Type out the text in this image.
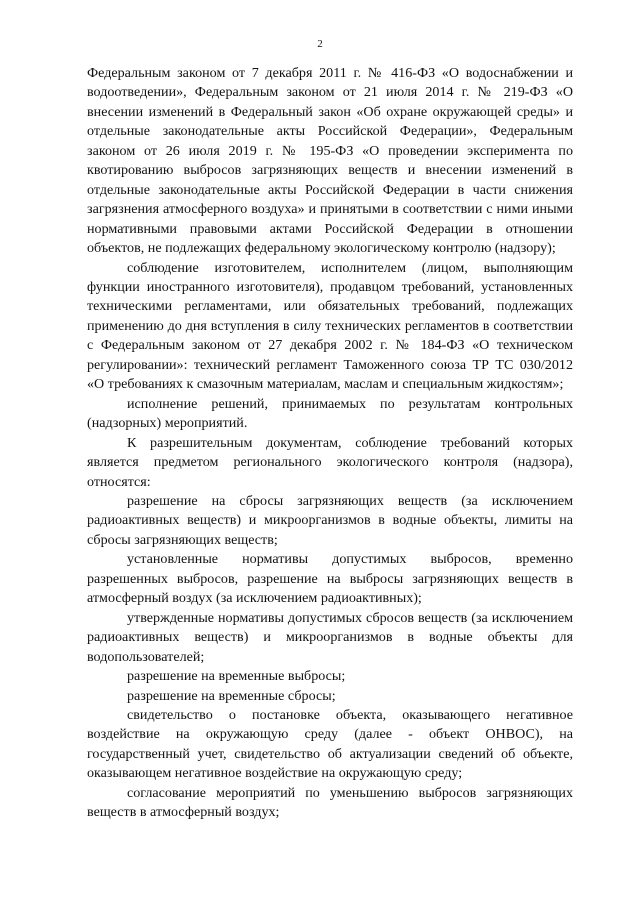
2

Федеральным законом от 7 декабря 2011 г. № 416-ФЗ «О водоснабжении и водоотведении», Федеральным законом от 21 июля 2014 г. № 219-ФЗ «О внесении изменений в Федеральный закон «Об охране окружающей среды» и отдельные законодательные акты Российской Федерации», Федеральным законом от 26 июля 2019 г. № 195-ФЗ «О проведении эксперимента по квотированию выбросов загрязняющих веществ и внесении изменений в отдельные законодательные акты Российской Федерации в части снижения загрязнения атмосферного воздуха» и принятыми в соответствии с ними иными нормативными правовыми актами Российской Федерации в отношении объектов, не подлежащих федеральному экологическому контролю (надзору);

соблюдение изготовителем, исполнителем (лицом, выполняющим функции иностранного изготовителя), продавцом требований, установленных техническими регламентами, или обязательных требований, подлежащих применению до дня вступления в силу технических регламентов в соответствии с Федеральным законом от 27 декабря 2002 г. № 184-ФЗ «О техническом регулировании»: технический регламент Таможенного союза ТР ТС 030/2012 «О требованиях к смазочным материалам, маслам и специальным жидкостям»;

исполнение решений, принимаемых по результатам контрольных (надзорных) мероприятий.

К разрешительным документам, соблюдение требований которых является предметом регионального экологического контроля (надзора), относятся:

разрешение на сбросы загрязняющих веществ (за исключением радиоактивных веществ) и микроорганизмов в водные объекты, лимиты на сбросы загрязняющих веществ;

установленные нормативы допустимых выбросов, временно разрешенных выбросов, разрешение на выбросы загрязняющих веществ в атмосферный воздух (за исключением радиоактивных);

утвержденные нормативы допустимых сбросов веществ (за исключением радиоактивных веществ) и микроорганизмов в водные объекты для водопользователей;

разрешение на временные выбросы;

разрешение на временные сбросы;

свидетельство о постановке объекта, оказывающего негативное воздействие на окружающую среду (далее - объект ОНВОС), на государственный учет, свидетельство об актуализации сведений об объекте, оказывающем негативное воздействие на окружающую среду;

согласование мероприятий по уменьшению выбросов загрязняющих веществ в атмосферный воздух;
